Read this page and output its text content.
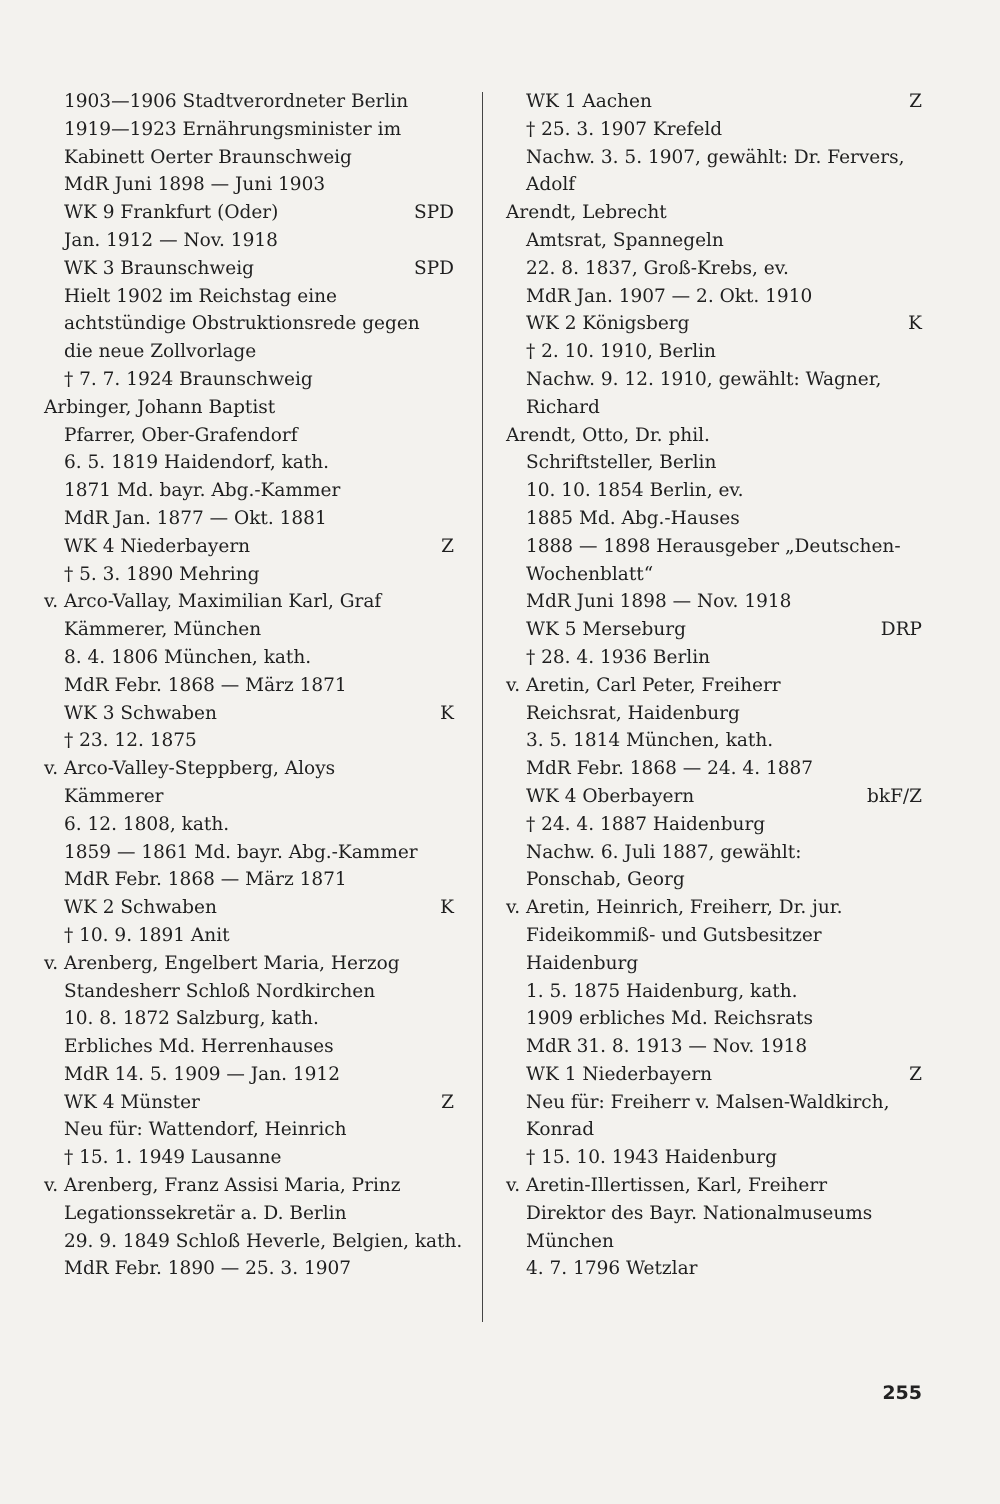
1903—1906 Stadtverordneter Berlin
1919—1923 Ernährungsminister im
Kabinett Oerter Braunschweig
MdR Juni 1898 — Juni 1903
WK 9 Frankfurt (Oder)	SPD
Jan. 1912 — Nov. 1918
WK 3 Braunschweig	SPD
Hielt 1902 im Reichstag eine
achtstündige Obstruktionsrede gegen
die neue Zollvorlage
† 7. 7. 1924 Braunschweig
Arbinger, Johann Baptist
Pfarrer, Ober-Grafendorf
6. 5. 1819 Haidendorf, kath.
1871 Md. bayr. Abg.-Kammer
MdR Jan. 1877 — Okt. 1881
WK 4 Niederbayern	Z
† 5. 3. 1890 Mehring
v. Arco-Vallay, Maximilian Karl, Graf
Kämmerer, München
8. 4. 1806 München, kath.
MdR Febr. 1868 — März 1871
WK 3 Schwaben	K
† 23. 12. 1875
v. Arco-Valley-Steppberg, Aloys
Kämmerer
6. 12. 1808, kath.
1859 — 1861 Md. bayr. Abg.-Kammer
MdR Febr. 1868 — März 1871
WK 2 Schwaben	K
† 10. 9. 1891 Anit
v. Arenberg, Engelbert Maria, Herzog
Standesherr Schloß Nordkirchen
10. 8. 1872 Salzburg, kath.
Erbliches Md. Herrenhauses
MdR 14. 5. 1909 — Jan. 1912
WK 4 Münster	Z
Neu für: Wattendorf, Heinrich
† 15. 1. 1949 Lausanne
v. Arenberg, Franz Assisi Maria, Prinz
Legationssekretär a. D. Berlin
29. 9. 1849 Schloß Heverle, Belgien, kath.
MdR Febr. 1890 — 25. 3. 1907
WK 1 Aachen	Z
† 25. 3. 1907 Krefeld
Nachw. 3. 5. 1907, gewählt: Dr. Fervers,
Adolf
Arendt, Lebrecht
Amtsrat, Spannegeln
22. 8. 1837, Groß-Krebs, ev.
MdR Jan. 1907 — 2. Okt. 1910
WK 2 Königsberg	K
† 2. 10. 1910, Berlin
Nachw. 9. 12. 1910, gewählt: Wagner,
Richard
Arendt, Otto, Dr. phil.
Schriftsteller, Berlin
10. 10. 1854 Berlin, ev.
1885 Md. Abg.-Hauses
1888 — 1898 Herausgeber „Deutschen-
Wochenblatt“
MdR Juni 1898 — Nov. 1918
WK 5 Merseburg	DRP
† 28. 4. 1936 Berlin
v. Aretin, Carl Peter, Freiherr
Reichsrat, Haidenburg
3. 5. 1814 München, kath.
MdR Febr. 1868 — 24. 4. 1887
WK 4 Oberbayern	bkF/Z
† 24. 4. 1887 Haidenburg
Nachw. 6. Juli 1887, gewählt:
Ponschab, Georg
v. Aretin, Heinrich, Freiherr, Dr. jur.
Fideikommiß- und Gutsbesitzer
Haidenburg
1. 5. 1875 Haidenburg, kath.
1909 erbliches Md. Reichsrats
MdR 31. 8. 1913 — Nov. 1918
WK 1 Niederbayern	Z
Neu für: Freiherr v. Malsen-Waldkirch,
Konrad
† 15. 10. 1943 Haidenburg
v. Aretin-Illertissen, Karl, Freiherr
Direktor des Bayr. Nationalmuseums
München
4. 7. 1796 Wetzlar
255
